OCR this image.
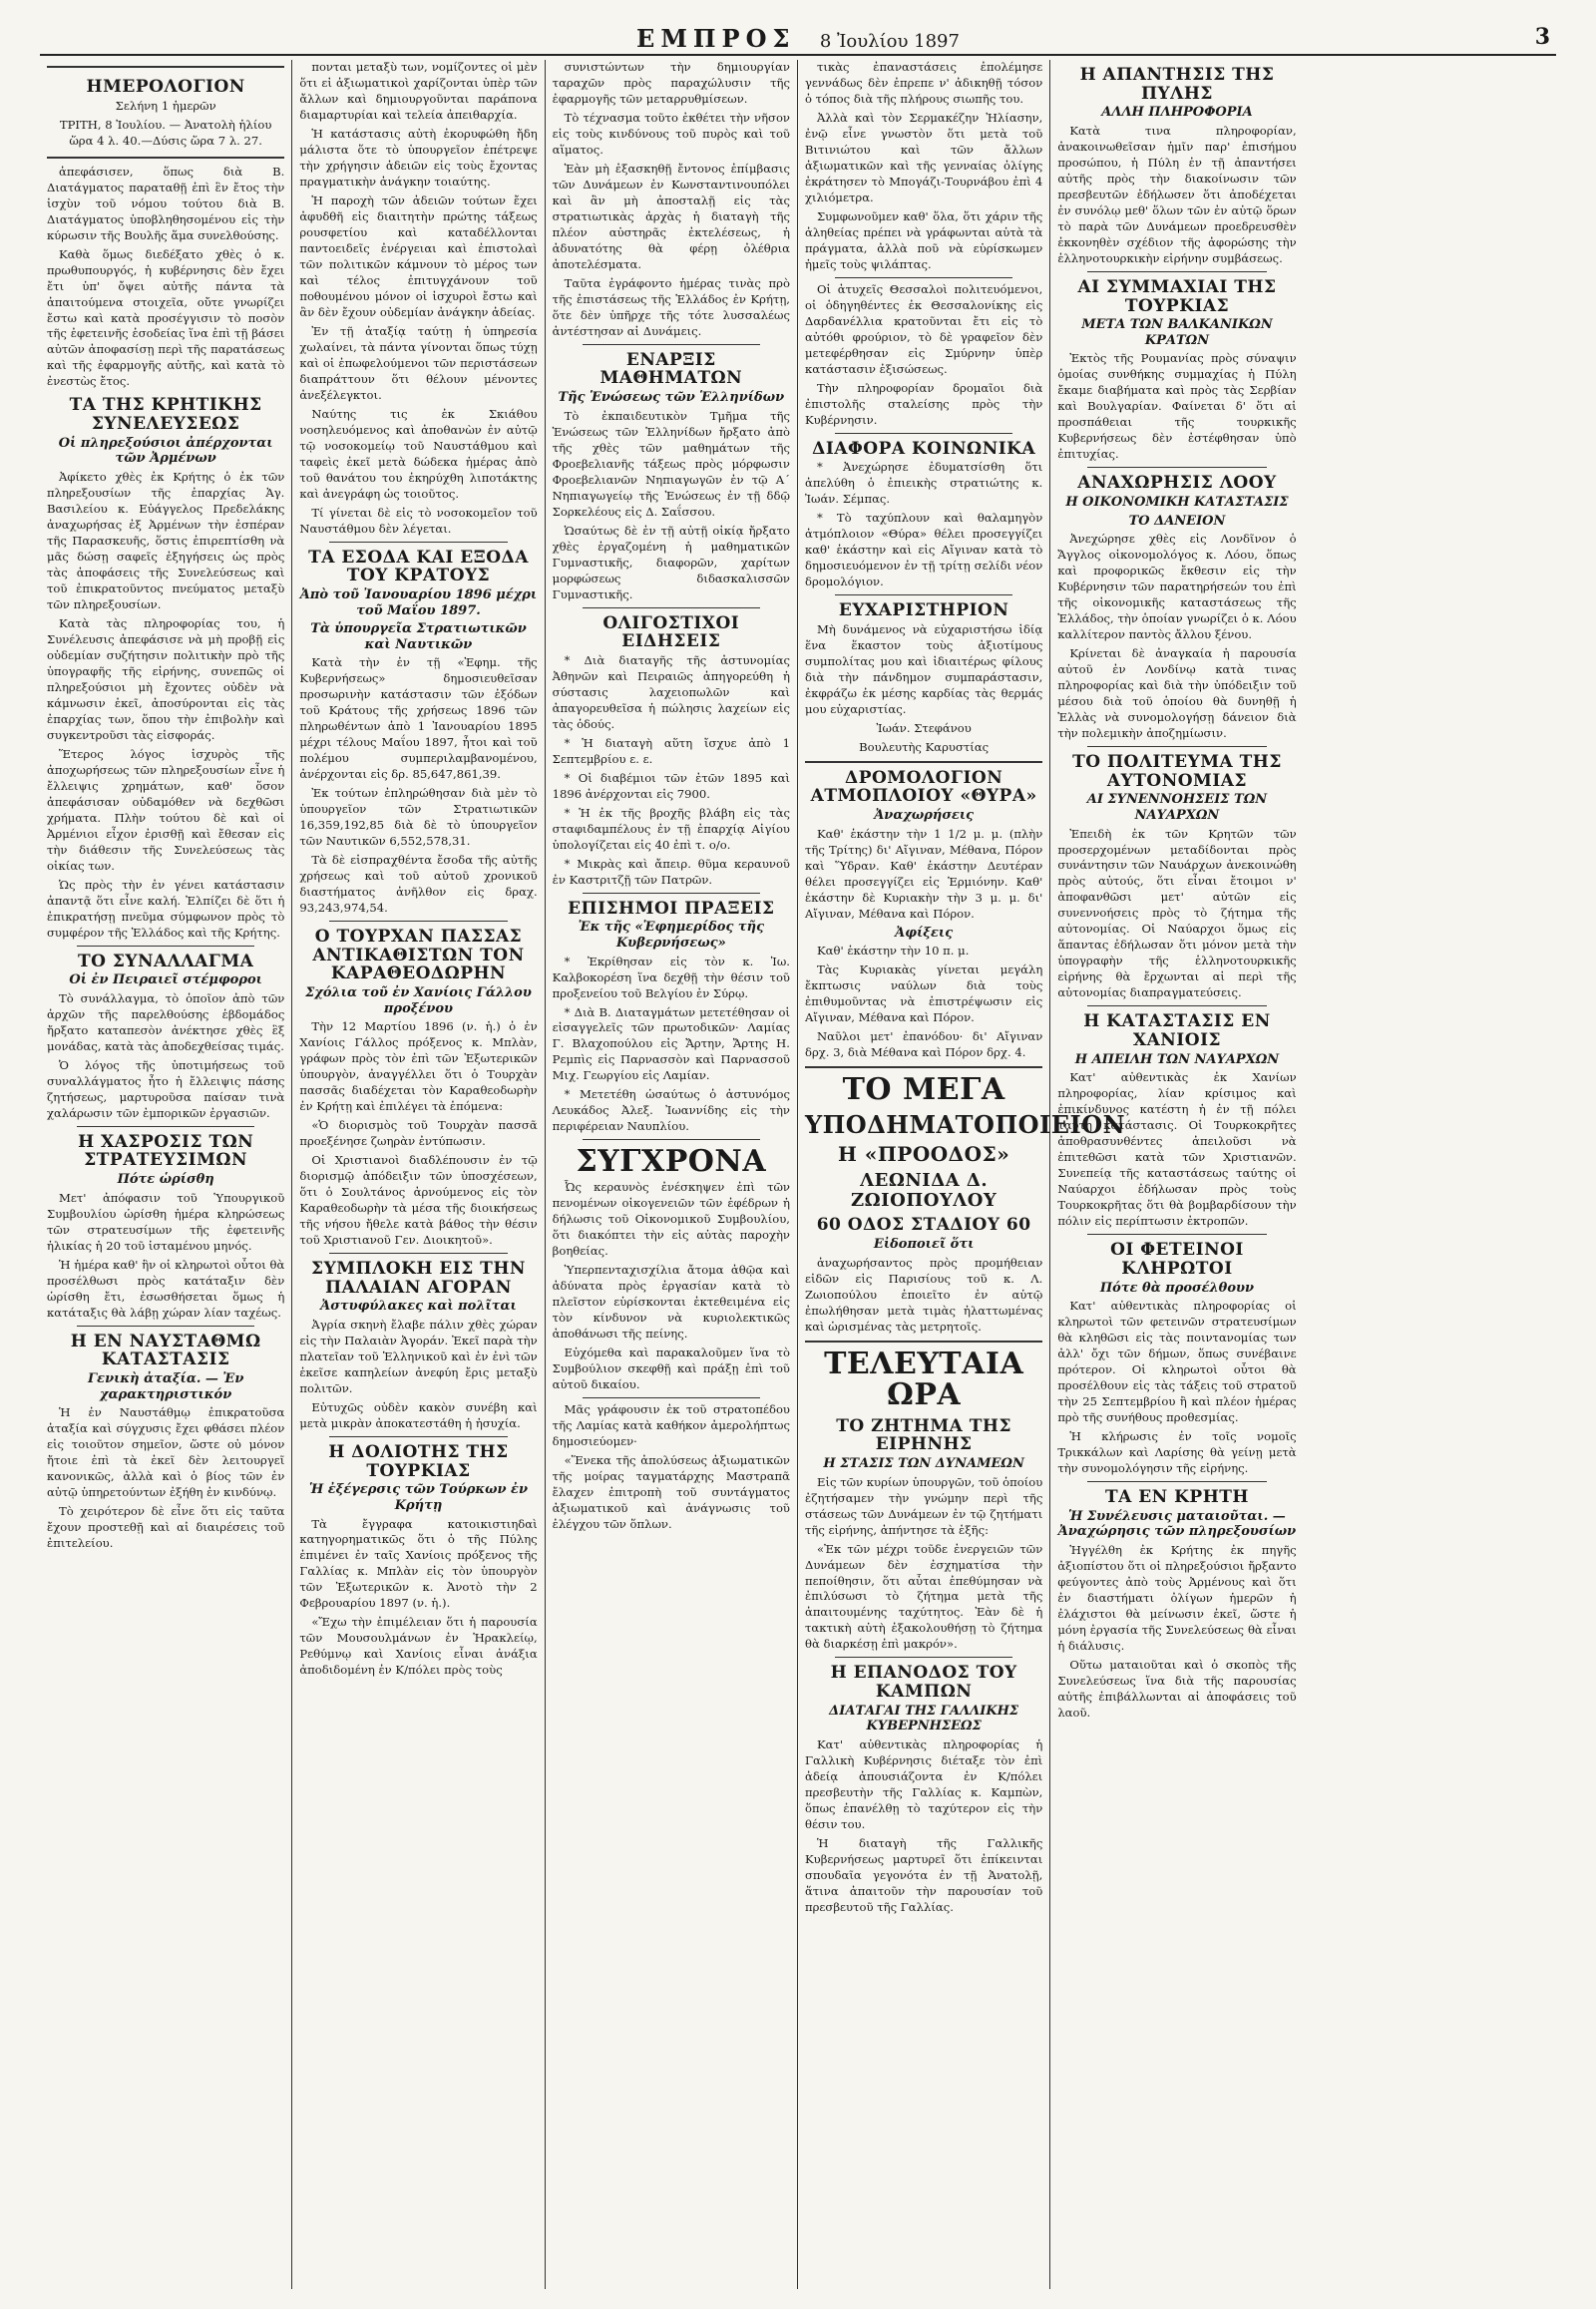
ΕΜΠΡΟΣ 8 Ἰουλίου 1897	3
ΗΜΕΡΟΛΟΓΙΟΝ

Σελήνη 1 ἡμερῶν

ΤΡΙΤΗ, 8 Ἰουλίου. — Ἀνατολὴ ἡλίου ὥρα 4 λ. 40.—Δύσις ὥρα 7 λ. 27.

ἀπεφάσισεν, ὅπως διὰ Β. Διατάγματος παραταθῇ ἐπὶ ἓν ἔτος τὴν ἰσχὺν τοῦ νόμου τούτου διὰ Β. Διατάγματος ὑποβληθησομένου εἰς τὴν κύρωσιν τῆς Βουλῆς ἅμα συνελθούσης.

Καθὰ ὅμως διεδέξατο χθὲς ὁ κ. πρωθυπουργός, ἡ κυβέρνησις δὲν ἔχει ἔτι ὑπ' ὄψει αὐτῆς πάντα τὰ ἀπαιτούμενα στοιχεῖα, οὔτε γνωρίζει ἔστω καὶ κατὰ προσέγγισιν τὸ ποσὸν τῆς ἐφετεινῆς ἐσοδείας ἵνα ἐπὶ τῇ βάσει αὐτῶν ἀποφασίσῃ περὶ τῆς παρατάσεως καὶ τῆς ἐφαρμογῆς αὐτῆς, καὶ κατὰ τὸ ἐνεστὼς ἔτος.

ΤΑ ΤΗΣ ΚΡΗΤΙΚΗΣ ΣΥΝΕΛΕΥΣΕΩΣ
Οἱ πληρεξούσιοι ἀπέρχονται τῶν Ἀρμένων

Ἀφίκετο χθὲς ἐκ Κρήτης ὁ ἐκ τῶν πληρεξουσίων τῆς ἐπαρχίας Ἁγ. Βασιλείου κ. Εὐάγγελος Πρεδελάκης ἀναχωρήσας ἐξ Ἀρμένων τὴν ἐσπέραν τῆς Παρασκευῆς, ὅστις ἐπιρεπτίσθη νὰ μᾶς δώσῃ σαφεῖς ἐξηγήσεις ὡς πρὸς τὰς ἀποφάσεις τῆς Συνελεύσεως καὶ τοῦ ἐπικρατοῦντος πνεύματος μεταξὺ τῶν πληρεξουσίων.

Κατὰ τὰς πληροφορίας του, ἡ Συνέλευσις ἀπεφάσισε νὰ μὴ προβῇ εἰς οὐδεμίαν συζήτησιν πολιτικὴν πρὸ τῆς ὑπογραφῆς τῆς εἰρήνης, συνεπῶς οἱ πληρεξούσιοι μὴ ἔχοντες οὐδὲν νὰ κάμνωσιν ἐκεῖ, ἀποσύρονται εἰς τὰς ἐπαρχίας των, ὅπου τὴν ἐπιβολὴν καὶ συγκεντροῦσι τὰς εἰσφοράς.

Ἕτερος λόγος ἰσχυρὸς τῆς ἀποχωρήσεως τῶν πληρεξουσίων εἶνε ἡ ἔλλειψις χρημάτων, καθ' ὅσον ἀπεφάσισαν οὐδαμόθεν νὰ δεχθῶσι χρήματα. Πλὴν τούτου δὲ καὶ οἱ Ἀρμένιοι εἶχον ἐρισθῇ καὶ ἔθεσαν εἰς τὴν διάθεσιν τῆς Συνελεύσεως τὰς οἰκίας των.

Ὡς πρὸς τὴν ἐν γένει κατάστασιν ἀπαντᾷ ὅτι εἶνε καλή. Ἐλπίζει δὲ ὅτι ἡ ἐπικρατήσῃ πνεῦμα σύμφωνον πρὸς τὸ συμφέρον τῆς Ἑλλάδος καὶ τῆς Κρήτης.

ΤΟ ΣΥΝΑΛΛΑΓΜΑ
Οἱ ἐν Πειραιεῖ στέμφοροι

Τὸ συνάλλαγμα, τὸ ὁποῖον ἀπὸ τῶν ἀρχῶν τῆς παρελθούσης ἑβδομάδος ἤρξατο καταπεσὸν ἀνέκτησε χθὲς ἓξ μονάδας, κατὰ τὰς ἀποδεχθείσας τιμάς.

Ὁ λόγος τῆς ὑποτιμήσεως τοῦ συναλλάγματος ἦτο ἡ ἔλλειψις πάσης ζητήσεως, μαρτυροῦσα παίσαν τινὰ χαλάρωσιν τῶν ἐμπορικῶν ἐργασιῶν.

Η ΧΑΣΡΟΣΙΣ ΤΩΝ ΣΤΡΑΤΕΥΣΙΜΩΝ
Πότε ὡρίσθη

Μετ' ἀπόφασιν τοῦ Ὑπουργικοῦ Συμβουλίου ὡρίσθη ἡμέρα κληρώσεως τῶν στρατευσίμων τῆς ἐφετεινῆς ἡλικίας ἡ 20 τοῦ ἰσταμένου μηνός.

Ἡ ἡμέρα καθ' ἣν οἱ κληρωτοὶ οὗτοι θὰ προσέλθωσι πρὸς κατάταξιν δὲν ὡρίσθη ἔτι, ἐσωσθήσεται ὅμως ἡ κατάταξις θὰ λάβῃ χώραν λίαν ταχέως.

Η ΕΝ ΝΑΥΣΤΑΘΜΩ ΚΑΤΑΣΤΑΣΙΣ
Γενικὴ ἀταξία. — Ἐν χαρακτηριστικόν

Ἡ ἐν Ναυστάθμῳ ἐπικρατοῦσα ἀταξία καὶ σύγχυσις ἔχει φθάσει πλέον εἰς τοιοῦτον σημεῖον, ὥστε οὐ μόνον ἤτοιε ἐπὶ τὰ ἐκεῖ δὲν λειτουργεῖ κανονικῶς, ἀλλὰ καὶ ὁ βίος τῶν ἐν αὐτῷ ὑπηρετούντων ἐξήθη ἐν κινδύνῳ.

Τὸ χειρότερον δὲ εἶνε ὅτι εἰς ταῦτα ἔχουν προστεθῇ καὶ αἱ διαιρέσεις τοῦ ἐπιτελείου.

πονται μεταξὺ των, νομίζοντες οἱ μὲν ὅτι εἰ ἀξιωματικοὶ χαρίζονται ὑπὲρ τῶν ἄλλων καὶ δημιουργοῦνται παράπονα διαμαρτυρίαι καὶ τελεία ἀπειθαρχία.

Ἡ κατάστασις αὐτὴ ἐκορυφώθη ἤδη μάλιστα ὅτε τὸ ὑπουργεῖον ἐπέτρεψε τὴν χρήγησιν ἀδειῶν εἰς τοὺς ἔχοντας πραγματικὴν ἀνάγκην τοιαύτης.

Ἡ παροχὴ τῶν ἀδειῶν τούτων ἔχει ἀφυδθῆ εἰς διαιτητὴν πρώτης τάξεως ρουσφετίου καὶ καταδέλλονται παντοειδεῖς ἐνέργειαι καὶ ἐπιστολαὶ τῶν πολιτικῶν κάμνουν τὸ μέρος των καὶ τέλος ἐπιτυγχάνουν τοῦ ποθουμένου μόνον οἱ ἰσχυροὶ ἔστω καὶ ἂν δὲν ἔχουν οὐδεμίαν ἀνάγκην ἀδείας.

Ἐν τῇ ἀταξίᾳ ταύτῃ ἡ ὑπηρεσία χωλαίνει, τὰ πάντα γίνονται ὅπως τύχῃ καὶ οἱ ἐπωφελούμενοι τῶν περιστάσεων διαπράττουν ὅτι θέλουν μένοντες ἀνεξέλεγκτοι.

Ναύτης τις ἐκ Σκιάθου νοσηλευόμενος καὶ ἀποθανὼν ἐν αὐτῷ τῷ νοσοκομείῳ τοῦ Ναυστάθμου καὶ ταφεὶς ἐκεῖ μετὰ δώδεκα ἡμέρας ἀπὸ τοῦ θανάτου του ἐκηρύχθη λιποτάκτης καὶ ἀνεγράφη ὡς τοιοῦτος.

Τί γίνεται δὲ εἰς τὸ νοσοκομεῖον τοῦ Ναυστάθμου δὲν λέγεται.

ΤΑ ΕΣΟΔΑ ΚΑΙ ΕΞΟΔΑ ΤΟΥ ΚΡΑΤΟΥΣ
Ἀπὸ τοῦ Ἰανουαρίου 1896 μέχρι τοῦ Μαΐου 1897.
Τὰ ὑπουργεῖα Στρατιωτικῶν καὶ Ναυτικῶν

Κατὰ τὴν ἐν τῇ «Ἐφημ. τῆς Κυβερνήσεως» δημοσιευθεῖσαν προσωρινὴν κατάστασιν τῶν ἐξόδων τοῦ Κράτους τῆς χρήσεως 1896 τῶν πληρωθέντων ἀπὸ 1 Ἰανουαρίου 1895 μέχρι τέλους Μαΐου 1897, ἦτοι καὶ τοῦ πολέμου συμπεριλαμβανομένου, ἀνέρχονται εἰς δρ. 85,647,861,39.

Ἐκ τούτων ἐπληρώθησαν διὰ μὲν τὸ ὑπουργεῖον τῶν Στρατιωτικῶν 16,359,192,85 διὰ δὲ τὸ ὑπουργεῖον τῶν Ναυτικῶν 6,552,578,31.

Τὰ δὲ εἰσπραχθέντα ἔσοδα τῆς αὐτῆς χρήσεως καὶ τοῦ αὐτοῦ χρονικοῦ διαστήματος ἀνῆλθον εἰς δραχ. 93,243,974,54.

Ο ΤΟΥΡΧΑΝ ΠΑΣΣΑΣ ΑΝΤΙΚΑΘΙΣΤΩΝ ΤΟΝ ΚΑΡΑΘΕΟΔΩΡΗΝ
Σχόλια τοῦ ἐν Χανίοις Γάλλου προξένου

Τὴν 12 Μαρτίου 1896 (ν. ἡ.) ὁ ἐν Χανίοις Γάλλος πρόξενος κ. Μπλὰν, γράφων πρὸς τὸν ἐπὶ τῶν Ἐξωτερικῶν ὑπουργὸν, ἀναγγέλλει ὅτι ὁ Τουρχὰν πασσᾶς διαδέχεται τὸν Καραθεοδωρὴν ἐν Κρήτῃ καὶ ἐπιλέγει τὰ ἑπόμενα:

«Ὁ διορισμὸς τοῦ Τουρχὰν πασσᾶ προεξένησε ζωηρὰν ἐντύπωσιν.

Οἱ Χριστιανοὶ διαδλέπουσιν ἐν τῷ διορισμῷ ἀπόδειξιν τῶν ὑποσχέσεων, ὅτι ὁ Σουλτάνος ἀρνούμενος εἰς τὸν Καραθεοδωρὴν τὰ μέσα τῆς διοικήσεως τῆς νήσου ἤθελε κατὰ βάθος τὴν θέσιν τοῦ Χριστιανοῦ Γεν. Διοικητοῦ».

ΣΥΜΠΛΟΚΗ ΕΙΣ ΤΗΝ ΠΑΛΑΙΑΝ ΑΓΟΡΑΝ
Ἀστυφύλακες καὶ πολῖται

Ἀγρία σκηνὴ ἔλαβε πάλιν χθὲς χώραν εἰς τὴν Παλαιὰν Ἀγοράν. Ἐκεῖ παρὰ τὴν πλατεῖαν τοῦ Ἑλληνικοῦ καὶ ἐν ἐνὶ τῶν ἐκεῖσε καπηλείων ἀνεφύη ἔρις μεταξὺ πολιτῶν.

Εὐτυχῶς οὐδὲν κακὸν συνέβη καὶ μετὰ μικρὰν ἀποκατεστάθη ἡ ἡσυχία.

Η ΔΟΛΙΟΤΗΣ ΤΗΣ ΤΟΥΡΚΙΑΣ
Ἡ ἐξέγερσις τῶν Τούρκων ἐν Κρήτῃ

Τὰ ἔγγραφα κατοικιστιηδαὶ κατηγορηματικῶς ὅτι ὁ τῆς Πύλης ἐπιμένει ἐν ταῖς Χανίοις πρόξενος τῆς Γαλλίας κ. Μπλὰν εἰς τὸν ὑπουργὸν τῶν Ἐξωτερικῶν κ. Ἀνοτὸ τὴν 2 Φεβρουαρίου 1897 (ν. ἡ.).

«Ἔχω τὴν ἐπιμέλειαν ὅτι ἡ παρουσία τῶν Μουσουλμάνων ἐν Ἡρακλείῳ, Ρεθύμνῳ καὶ Χανίοις εἶναι ἀνάξια ἀποδιδομένη ἐν Κ/πόλει πρὸς τοὺς

συνιστώντων τὴν δημιουργίαν ταραχῶν πρὸς παραχώλυσιν τῆς ἐφαρμογῆς τῶν μεταρρυθμίσεων.

Τὸ τέχνασμα τοῦτο ἐκθέτει τὴν νῆσον εἰς τοὺς κινδύνους τοῦ πυρὸς καὶ τοῦ αἵματος.

Ἐὰν μὴ ἐξασκηθῇ ἔντονος ἐπίμβασις τῶν Δυνάμεων ἐν Κωνσταντινουπόλει καὶ ἂν μὴ ἀποσταλῇ εἰς τὰς στρατιωτικὰς ἀρχὰς ἡ διαταγὴ τῆς πλέον αὐστηρᾶς ἐκτελέσεως, ἡ ἀδυνατότης θὰ φέρῃ ὀλέθρια ἀποτελέσματα.

Ταῦτα ἐγράφοντο ἡμέρας τινὰς πρὸ τῆς ἐπιστάσεως τῆς Ἑλλάδος ἐν Κρήτῃ, ὅτε δὲν ὑπῆρχε τῆς τότε λυσσαλέως ἀντέστησαν αἱ Δυνάμεις.

ΕΝΑΡΞΙΣ ΜΑΘΗΜΑΤΩΝ
Τῆς Ἑνώσεως τῶν Ἑλληνίδων

Τὸ ἐκπαιδευτικὸν Τμῆμα τῆς Ἑνώσεως τῶν Ἑλληνίδων ἤρξατο ἀπὸ τῆς χθὲς τῶν μαθημάτων τῆς Φροεβελιανῆς τάξεως πρὸς μόρφωσιν Φροεβελιανῶν Νηπιαγωγῶν ἐν τῷ Α΄ Νηπιαγωγείῳ τῆς Ἑνώσεως ἐν τῇ δδῷ Σορκελέους εἰς Δ. Σαΐσσου.

Ὡσαύτως δὲ ἐν τῇ αὐτῇ οἰκίᾳ ἤρξατο χθὲς ἐργαζομένη ἡ μαθηματικῶν Γυμναστικῆς, διαφορῶν, χαρίτων μορφώσεως διδασκαλισσῶν Γυμναστικῆς.

ΟΛΙΓΟΣΤΙΧΟΙ ΕΙΔΗΣΕΙΣ

* Διὰ διαταγῆς τῆς ἀστυνομίας Ἀθηνῶν καὶ Πειραιῶς ἀπηγορεύθη ἡ σύστασις λαχειοπωλῶν καὶ ἀπαγορευθεῖσα ἡ πώλησις λαχείων εἰς τὰς ὁδούς.

* Ἡ διαταγὴ αὕτη ἴσχυε ἀπὸ 1 Σεπτεμβρίου ε. ε.

* Οἱ διαβέμιοι τῶν ἐτῶν 1895 καὶ 1896 ἀνέρχονται εἰς 7900.

* Ἡ ἐκ τῆς βροχῆς βλάβη εἰς τὰς σταφιδαμπέλους ἐν τῇ ἐπαρχίᾳ Αἰγίου ὑπολογίζεται εἰς 40 ἐπὶ τ. ο/ο.

* Μικρὰς καὶ ἄπειρ. θῦμα κεραυνοῦ ἐν Καστριτζῇ τῶν Πατρῶν.

ΕΠΙΣΗΜΟΙ ΠΡΑΞΕΙΣ
Ἐκ τῆς «Ἐφημερίδος τῆς Κυβερνήσεως»

* Ἐκρίθησαν εἰς τὸν κ. Ἰω. Καλβοκορέση ἵνα δεχθῇ τὴν θέσιν τοῦ προξενείου τοῦ Βελγίου ἐν Σύρῳ.

* Διὰ Β. Διαταγμάτων μετετέθησαν οἱ εἰσαγγελεῖς τῶν πρωτοδικῶν· Λαμίας Γ. Βλαχοπούλου εἰς Ἄρτην, Ἄρτης Η. Ρεμπὶς εἰς Παρνασσὸν καὶ Παρνασσοῦ Μιχ. Γεωργίου εἰς Λαμίαν.

* Μετετέθη ὡσαύτως ὁ ἀστυνόμος Λευκάδος Ἀλεξ. Ἰωαννίδης εἰς τὴν περιφέρειαν Ναυπλίου.

ΣΥΓΧΡΟΝΑ

Ὦς κεραυνὸς ἐνέσκηψεν ἐπὶ τῶν πενομένων οἰκογενειῶν τῶν ἐφέδρων ἡ δήλωσις τοῦ Οἰκονομικοῦ Συμβουλίου, ὅτι διακόπτει τὴν εἰς αὐτὰς παροχὴν βοηθείας.

Ὑπερπενταχισχίλια ἄτομα ἀθῷα καὶ ἀδύνατα πρὸς ἐργασίαν κατὰ τὸ πλεῖστον εὑρίσκονται ἐκτεθειμένα εἰς τὸν κίνδυνον νὰ κυριολεκτικῶς ἀποθάνωσι τῆς πείνης.

Εὐχόμεθα καὶ παρακαλοῦμεν ἵνα τὸ Συμβούλιον σκεφθῇ καὶ πράξῃ ἐπὶ τοῦ αὐτοῦ δικαίου.

Μᾶς γράφουσιν ἐκ τοῦ στρατοπέδου τῆς Λαμίας κατὰ καθήκον ἀμερολήπτως δημοσιεύομεν·

«Ἕνεκα τῆς ἀπολύσεως ἀξιωματικῶν τῆς μοίρας ταγματάρχης Μαστραπᾶ ἔλαχεν ἐπιτροπὴ τοῦ συντάγματος ἀξιωματικοῦ καὶ ἀνάγνωσις τοῦ ἐλέγχου τῶν ὅπλων.

τικὰς ἐπαναστάσεις ἐπολέμησε γεννάδως δὲν ἐπρεπε ν' ἀδικηθῇ τόσον ὁ τόπος διὰ τῆς πλήρους σιωπῆς του.

Ἀλλὰ καὶ τὸν Σερμακέζην Ἠλίασην, ἐνῷ εἶνε γνωστὸν ὅτι μετὰ τοῦ Βιτινιώτου καὶ τῶν ἄλλων ἀξιωματικῶν καὶ τῆς γενναίας ὀλίγης ἐκράτησεν τὸ Μπογάζι-Τουρνάβου ἐπὶ 4 χιλιόμετρα.

Συμφωνοῦμεν καθ' ὅλα, ὅτι χάριν τῆς ἀληθείας πρέπει νὰ γράφωνται αὐτὰ τὰ πράγματα, ἀλλὰ ποῦ νὰ εὑρίσκωμεν ἡμεῖς τοὺς ψιλάπτας.

Οἱ ἀτυχεῖς Θεσσαλοὶ πολιτευόμενοι, οἱ ὁδηγηθέντες ἐκ Θεσσαλονίκης εἰς Δαρδανέλλια κρατοῦνται ἔτι εἰς τὸ αὐτόθι φρούριον, τὸ δὲ γραφεῖον δὲν μετεφέρθησαν εἰς Σμύρνην ὑπὲρ κατάστασιν ἐξισώσεως.

Τὴν πληροφορίαν δρομαῖοι διὰ ἐπιστολῆς σταλείσης πρὸς τὴν Κυβέρνησιν.

ΔΙΑΦΟΡΑ ΚΟΙΝΩΝΙΚΑ

* Ἀνεχώρησε ἐδυματσίσθη ὅτι ἀπελύθη ὁ ἐπιεικὴς στρατιώτης κ. Ἰωάν. Σέμπας.

* Τὸ ταχύπλουν καὶ θαλαμηγὸν ἀτμόπλοιον «Θύρα» θέλει προσεγγίζει καθ' ἑκάστην καὶ εἰς Αἴγιναν κατὰ τὸ δημοσιευόμενον ἐν τῇ τρίτῃ σελίδι νέον δρομολόγιον.

ΕΥΧΑΡΙΣΤΗΡΙΟΝ

Μὴ δυνάμενος νὰ εὐχαριστήσω ἰδίᾳ ἕνα ἕκαστον τοὺς ἀξιοτίμους συμπολίτας μου καὶ ἰδιαιτέρως φίλους διὰ τὴν πάνδημον συμπαράστασιν, ἐκφράζω ἐκ μέσης καρδίας τὰς θερμάς μου εὐχαριστίας.

Ἰωάν. Στεφάνου

Βουλευτὴς Καρυστίας

ΔΡΟΜΟΛΟΓΙΟΝ ΑΤΜΟΠΛΟΙΟΥ «ΘΥΡΑ»
Ἀναχωρήσεις

Καθ' ἑκάστην τὴν 1 1/2 μ. μ. (πλὴν τῆς Τρίτης) δι' Αἴγιναν, Μέθανα, Πόρον καὶ Ὕδραν. Καθ' ἑκάστην Δευτέραν θέλει προσεγγίζει εἰς Ἑρμιόνην. Καθ' ἑκάστην δὲ Κυριακὴν τὴν 3 μ. μ. δι' Αἴγιναν, Μέθανα καὶ Πόρον.

Ἀφίξεις

Καθ' ἑκάστην τὴν 10 π. μ.

Τὰς Κυριακὰς γίνεται μεγάλη ἔκπτωσις ναύλων διὰ τοὺς ἐπιθυμοῦντας νὰ ἐπιστρέψωσιν εἰς Αἴγιναν, Μέθανα καὶ Πόρον.

Ναῦλοι μετ' ἐπανόδου· δι' Αἴγιναν δρχ. 3, διὰ Μέθανα καὶ Πόρον δρχ. 4.

ΤΟ ΜΕΓΑ
ΥΠΟΔΗΜΑΤΟΠΟΙΕΙΟΝ
Η «ΠΡΟΟΔΟΣ»
ΛΕΩΝΙΔΑ Δ. ΖΩΙΟΠΟΥΛΟΥ
60 ΟΔΟΣ ΣΤΑΔΙΟΥ 60
Εἰδοποιεῖ ὅτι

ἀναχωρήσαντος πρὸς προμήθειαν εἰδῶν εἰς Παρισίους τοῦ κ. Λ. Ζωιοπούλου ἐποιεῖτο ἐν αὐτῷ ἐπωλήθησαν μετὰ τιμὰς ἠλαττωμένας καὶ ὡρισμένας τὰς μετρητοῖς.

ΤΕΛΕΥΤΑΙΑ ΩΡΑ
ΤΟ ΖΗΤΗΜΑ ΤΗΣ ΕΙΡΗΝΗΣ
Η ΣΤΑΣΙΣ ΤΩΝ ΔΥΝΑΜΕΩΝ

Εἰς τῶν κυρίων ὑπουργῶν, τοῦ ὁποίου ἐζητήσαμεν τὴν γνώμην περὶ τῆς στάσεως τῶν Δυνάμεων ἐν τῷ ζητήματι τῆς εἰρήνης, ἀπήντησε τὰ ἑξῆς:

«Ἐκ τῶν μέχρι τοῦδε ἐνεργειῶν τῶν Δυνάμεων δὲν ἐσχηματίσα τὴν πεποίθησιν, ὅτι αὗται ἐπεθύμησαν νὰ ἐπιλύσωσι τὸ ζήτημα μετὰ τῆς ἀπαιτουμένης ταχύτητος. Ἐὰν δὲ ἡ τακτικὴ αὐτὴ ἐξακολουθήσῃ τὸ ζήτημα θὰ διαρκέσῃ ἐπὶ μακρόν».

Η ΕΠΑΝΟΔΟΣ ΤΟΥ ΚΑΜΠΩΝ
ΔΙΑΤΑΓΑΙ ΤΗΣ ΓΑΛΛΙΚΗΣ ΚΥΒΕΡΝΗΣΕΩΣ

Κατ' αὐθεντικὰς πληροφορίας ἡ Γαλλικὴ Κυβέρνησις διέταξε τὸν ἐπὶ ἀδείᾳ ἀπουσιάζοντα ἐν Κ/πόλει πρεσβευτὴν τῆς Γαλλίας κ. Καμπὼν, ὅπως ἐπανέλθῃ τὸ ταχύτερον εἰς τὴν θέσιν του.

Ἡ διαταγὴ τῆς Γαλλικῆς Κυβερνήσεως μαρτυρεῖ ὅτι ἐπίκεινται σπουδαῖα γεγονότα ἐν τῇ Ἀνατολῇ, ἅτινα ἀπαιτοῦν τὴν παρουσίαν τοῦ πρεσβευτοῦ τῆς Γαλλίας.

Η ΑΠΑΝΤΗΣΙΣ ΤΗΣ ΠΥΛΗΣ
ΑΛΛΗ ΠΛΗΡΟΦΟΡΙΑ

Κατὰ τινα πληροφορίαν, ἀνακοινωθεῖσαν ἡμῖν παρ' ἐπισήμου προσώπου, ἡ Πύλη ἐν τῇ ἀπαντήσει αὐτῆς πρὸς τὴν διακοίνωσιν τῶν πρεσβευτῶν ἐδήλωσεν ὅτι ἀποδέχεται ἐν συνόλῳ μεθ' ὅλων τῶν ἐν αὐτῷ ὅρων τὸ παρὰ τῶν Δυνάμεων προεδρευσθὲν ἐκκονηθὲν σχέδιον τῆς ἀφορώσης τὴν ἑλληνοτουρκικὴν εἰρήνην συμβάσεως.

ΑΙ ΣΥΜΜΑΧΙΑΙ ΤΗΣ ΤΟΥΡΚΙΑΣ
ΜΕΤΑ ΤΩΝ ΒΑΛΚΑΝΙΚΩΝ ΚΡΑΤΩΝ

Ἐκτὸς τῆς Ρουμανίας πρὸς σύναψιν ὁμοίας συνθήκης συμμαχίας ἡ Πύλη ἔκαμε διαβήματα καὶ πρὸς τὰς Σερβίαν καὶ Βουλγαρίαν. Φαίνεται δ' ὅτι αἱ προσπάθειαι τῆς τουρκικῆς Κυβερνήσεως δὲν ἐστέφθησαν ὑπὸ ἐπιτυχίας.

ΑΝΑΧΩΡΗΣΙΣ ΛΟΟΥ
Η ΟΙΚΟΝΟΜΙΚΗ ΚΑΤΑΣΤΑΣΙΣ
ΤΟ ΔΑΝΕΙΟΝ

Ἀνεχώρησε χθὲς εἰς Λονδῖνον ὁ Ἄγγλος οἰκονομολόγος κ. Λόου, ὅπως καὶ προφορικῶς ἔκθεσιν εἰς τὴν Κυβέρνησιν τῶν παρατηρήσεών του ἐπὶ τῆς οἰκονομικῆς καταστάσεως τῆς Ἑλλάδος, τὴν ὁποίαν γνωρίζει ὁ κ. Λόου καλλίτερον παντὸς ἄλλου ξένου.

Κρίνεται δὲ ἀναγκαία ἡ παρουσία αὐτοῦ ἐν Λονδίνῳ κατὰ τινας πληροφορίας καὶ διὰ τὴν ὑπόδειξιν τοῦ μέσου διὰ τοῦ ὁποίου θὰ δυνηθῇ ἡ Ἑλλὰς νὰ συνομολογήσῃ δάνειον διὰ τὴν πολεμικὴν ἀποζημίωσιν.

ΤΟ ΠΟΛΙΤΕΥΜΑ ΤΗΣ ΑΥΤΟΝΟΜΙΑΣ
ΑΙ ΣΥΝΕΝΝΟΗΣΕΙΣ ΤΩΝ ΝΑΥΑΡΧΩΝ

Ἐπειδὴ ἐκ τῶν Κρητῶν τῶν προσερχομένων μεταδίδονται πρὸς συνάντησιν τῶν Ναυάρχων ἀνεκοινώθη πρὸς αὐτούς, ὅτι εἶναι ἔτοιμοι ν' ἀποφανθῶσι μετ' αὐτῶν εἰς συνεννοήσεις πρὸς τὸ ζήτημα τῆς αὐτονομίας. Οἱ Ναύαρχοι ὅμως εἰς ἅπαντας ἐδήλωσαν ὅτι μόνον μετὰ τὴν ὑπογραφὴν τῆς ἑλληνοτουρκικῆς εἰρήνης θὰ ἔρχωνται αἱ περὶ τῆς αὐτονομίας διαπραγματεύσεις.

Η ΚΑΤΑΣΤΑΣΙΣ ΕΝ ΧΑΝΙΟΙΣ
Η ΑΠΕΙΛΗ ΤΩΝ ΝΑΥΑΡΧΩΝ

Κατ' αὐθεντικὰς ἐκ Χανίων πληροφορίας, λίαν κρίσιμος καὶ ἐπικίνδυνος κατέστη ἡ ἐν τῇ πόλει ταύτῃ κατάστασις. Οἱ Τουρκοκρῆτες ἀποθρασυνθέντες ἀπειλοῦσι νὰ ἐπιτεθῶσι κατὰ τῶν Χριστιανῶν. Συνεπείᾳ τῆς καταστάσεως ταύτης οἱ Ναύαρχοι ἐδήλωσαν πρὸς τοὺς Τουρκοκρῆτας ὅτι θὰ βομβαρδίσουν τὴν πόλιν εἰς περίπτωσιν ἐκτροπῶν.

ΟΙ ΦΕΤΕΙΝΟΙ ΚΛΗΡΩΤΟΙ
Πότε θὰ προσέλθουν

Κατ' αὐθεντικὰς πληροφορίας οἱ κληρωτοὶ τῶν φετεινῶν στρατευσίμων θὰ κληθῶσι εἰς τὰς ποιντανομίας των ἀλλ' ὄχι τῶν δήμων, ὅπως συνέβαινε πρότερον. Οἱ κληρωτοὶ οὗτοι θὰ προσέλθουν εἰς τὰς τάξεις τοῦ στρατοῦ τὴν 25 Σεπτεμβρίου ἢ καὶ πλέον ἡμέρας πρὸ τῆς συνήθους προθεσμίας.

Ἡ κλήρωσις ἐν τοῖς νομοῖς Τρικκάλων καὶ Λαρίσης θὰ γείνῃ μετὰ τὴν συνομολόγησιν τῆς εἰρήνης.

ΤΑ ΕΝ ΚΡΗΤΗ
Ἡ Συνέλευσις ματαιοῦται. — Ἀναχώρησις τῶν πληρεξουσίων

Ἡγγέλθη ἐκ Κρήτης ἐκ πηγῆς ἀξιοπίστου ὅτι οἱ πληρεξούσιοι ἤρξαντο φεύγοντες ἀπὸ τοὺς Ἀρμένους καὶ ὅτι ἐν διαστήματι ὀλίγων ἡμερῶν ἡ ἐλάχιστοι θὰ μείνωσιν ἐκεῖ, ὥστε ἡ μόνη ἐργασία τῆς Συνελεύσεως θὰ εἶναι ἡ διάλυσις.

Οὕτω ματαιοῦται καὶ ὁ σκοπὸς τῆς Συνελεύσεως ἵνα διὰ τῆς παρουσίας αὐτῆς ἐπιβάλλωνται αἱ ἀποφάσεις τοῦ λαοῦ.
